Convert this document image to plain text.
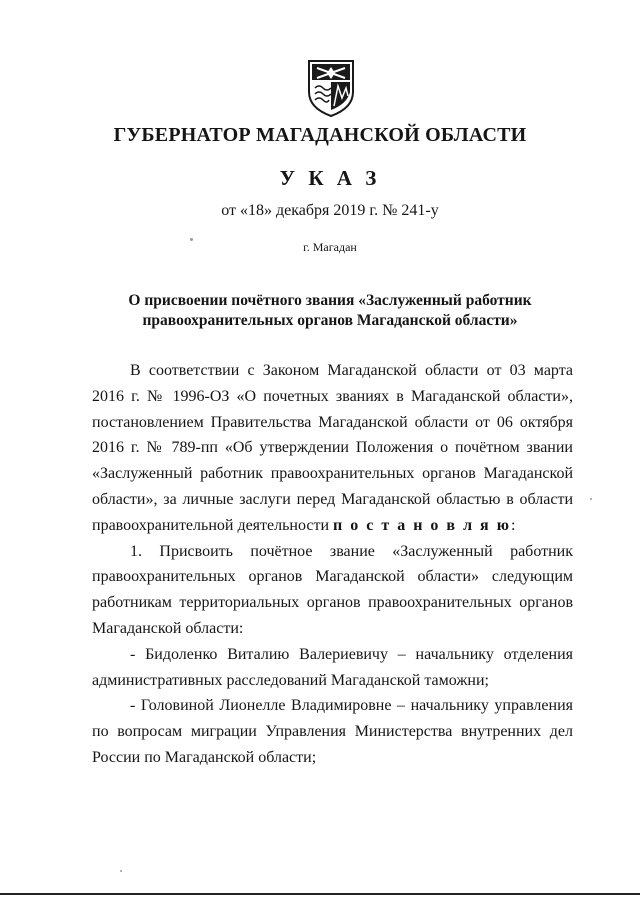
ГУБЕРНАТОР МАГАДАНСКОЙ ОБЛАСТИ
У К А З
от «18» декабря 2019 г. № 241-у
г. Магадан
О присвоении почётного звания «Заслуженный работник
правоохранительных органов Магаданской области»

В соответствии с Законом Магаданской области от 03 марта 2016 г. № 1996-ОЗ «О почетных званиях в Магаданской области», постановлением Правительства Магаданской области от 06 октября 2016 г. № 789-пп «Об утверждении Положения о почётном звании «Заслуженный работник правоохранительных органов Магаданской области», за личные заслуги перед Магаданской областью в области правоохранительной деятельности п о с т а н о в л я ю:

1. Присвоить почётное звание «Заслуженный работник правоохранительных органов Магаданской области» следующим работникам территориальных органов правоохранительных органов Магаданской области:

- Бидоленко Виталию Валериевичу – начальнику отделения административных расследований Магаданской таможни;

- Головиной Лионелле Владимировне – начальнику управления по вопросам миграции Управления Министерства внутренних дел России по Магаданской области;
